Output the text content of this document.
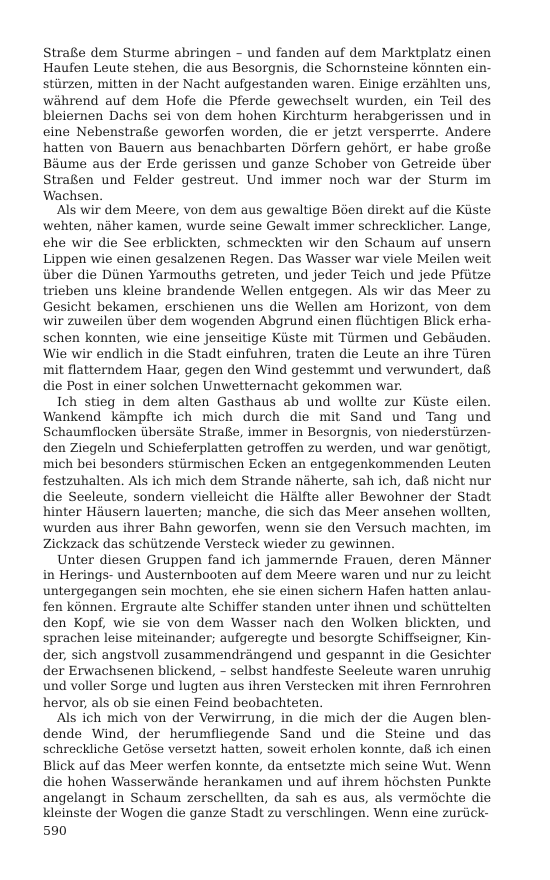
Straße dem Sturme abringen – und fanden auf dem Marktplatz einen
Haufen Leute stehen, die aus Besorgnis, die Schornsteine könnten ein-
stürzen, mitten in der Nacht aufgestanden waren. Einige erzählten uns,
während auf dem Hofe die Pferde gewechselt wurden, ein Teil des
bleiernen Dachs sei von dem hohen Kirchturm herabgerissen und in
eine Nebenstraße geworfen worden, die er jetzt versperrte. Andere
hatten von Bauern aus benachbarten Dörfern gehört, er habe große
Bäume aus der Erde gerissen und ganze Schober von Getreide über
Straßen und Felder gestreut. Und immer noch war der Sturm im
Wachsen.
Als wir dem Meere, von dem aus gewaltige Böen direkt auf die Küste
wehten, näher kamen, wurde seine Gewalt immer schrecklicher. Lange,
ehe wir die See erblickten, schmeckten wir den Schaum auf unsern
Lippen wie einen gesalzenen Regen. Das Wasser war viele Meilen weit
über die Dünen Yarmouths getreten, und jeder Teich und jede Pfütze
trieben uns kleine brandende Wellen entgegen. Als wir das Meer zu
Gesicht bekamen, erschienen uns die Wellen am Horizont, von dem
wir zuweilen über dem wogenden Abgrund einen flüchtigen Blick erha-
schen konnten, wie eine jenseitige Küste mit Türmen und Gebäuden.
Wie wir endlich in die Stadt einfuhren, traten die Leute an ihre Türen
mit flatterndem Haar, gegen den Wind gestemmt und verwundert, daß
die Post in einer solchen Unwetternacht gekommen war.
Ich stieg in dem alten Gasthaus ab und wollte zur Küste eilen.
Wankend kämpfte ich mich durch die mit Sand und Tang und
Schaumflocken übersäte Straße, immer in Besorgnis, von niederstürzen-
den Ziegeln und Schieferplatten getroffen zu werden, und war genötigt,
mich bei besonders stürmischen Ecken an entgegenkommenden Leuten
festzuhalten. Als ich mich dem Strande näherte, sah ich, daß nicht nur
die Seeleute, sondern vielleicht die Hälfte aller Bewohner der Stadt
hinter Häusern lauerten; manche, die sich das Meer ansehen wollten,
wurden aus ihrer Bahn geworfen, wenn sie den Versuch machten, im
Zickzack das schützende Versteck wieder zu gewinnen.
Unter diesen Gruppen fand ich jammernde Frauen, deren Männer
in Herings- und Austernbooten auf dem Meere waren und nur zu leicht
untergegangen sein mochten, ehe sie einen sichern Hafen hatten anlau-
fen können. Ergraute alte Schiffer standen unter ihnen und schüttelten
den Kopf, wie sie von dem Wasser nach den Wolken blickten, und
sprachen leise miteinander; aufgeregte und besorgte Schiffseigner, Kin-
der, sich angstvoll zusammendrängend und gespannt in die Gesichter
der Erwachsenen blickend, – selbst handfeste Seeleute waren unruhig
und voller Sorge und lugten aus ihren Verstecken mit ihren Fernrohren
hervor, als ob sie einen Feind beobachteten.
Als ich mich von der Verwirrung, in die mich der die Augen blen-
dende Wind, der herumfliegende Sand und die Steine und das
schreckliche Getöse versetzt hatten, soweit erholen konnte, daß ich einen
Blick auf das Meer werfen konnte, da entsetzte mich seine Wut. Wenn
die hohen Wasserwände herankamen und auf ihrem höchsten Punkte
angelangt in Schaum zerschellten, da sah es aus, als vermöchte die
kleinste der Wogen die ganze Stadt zu verschlingen. Wenn eine zurück-
590
